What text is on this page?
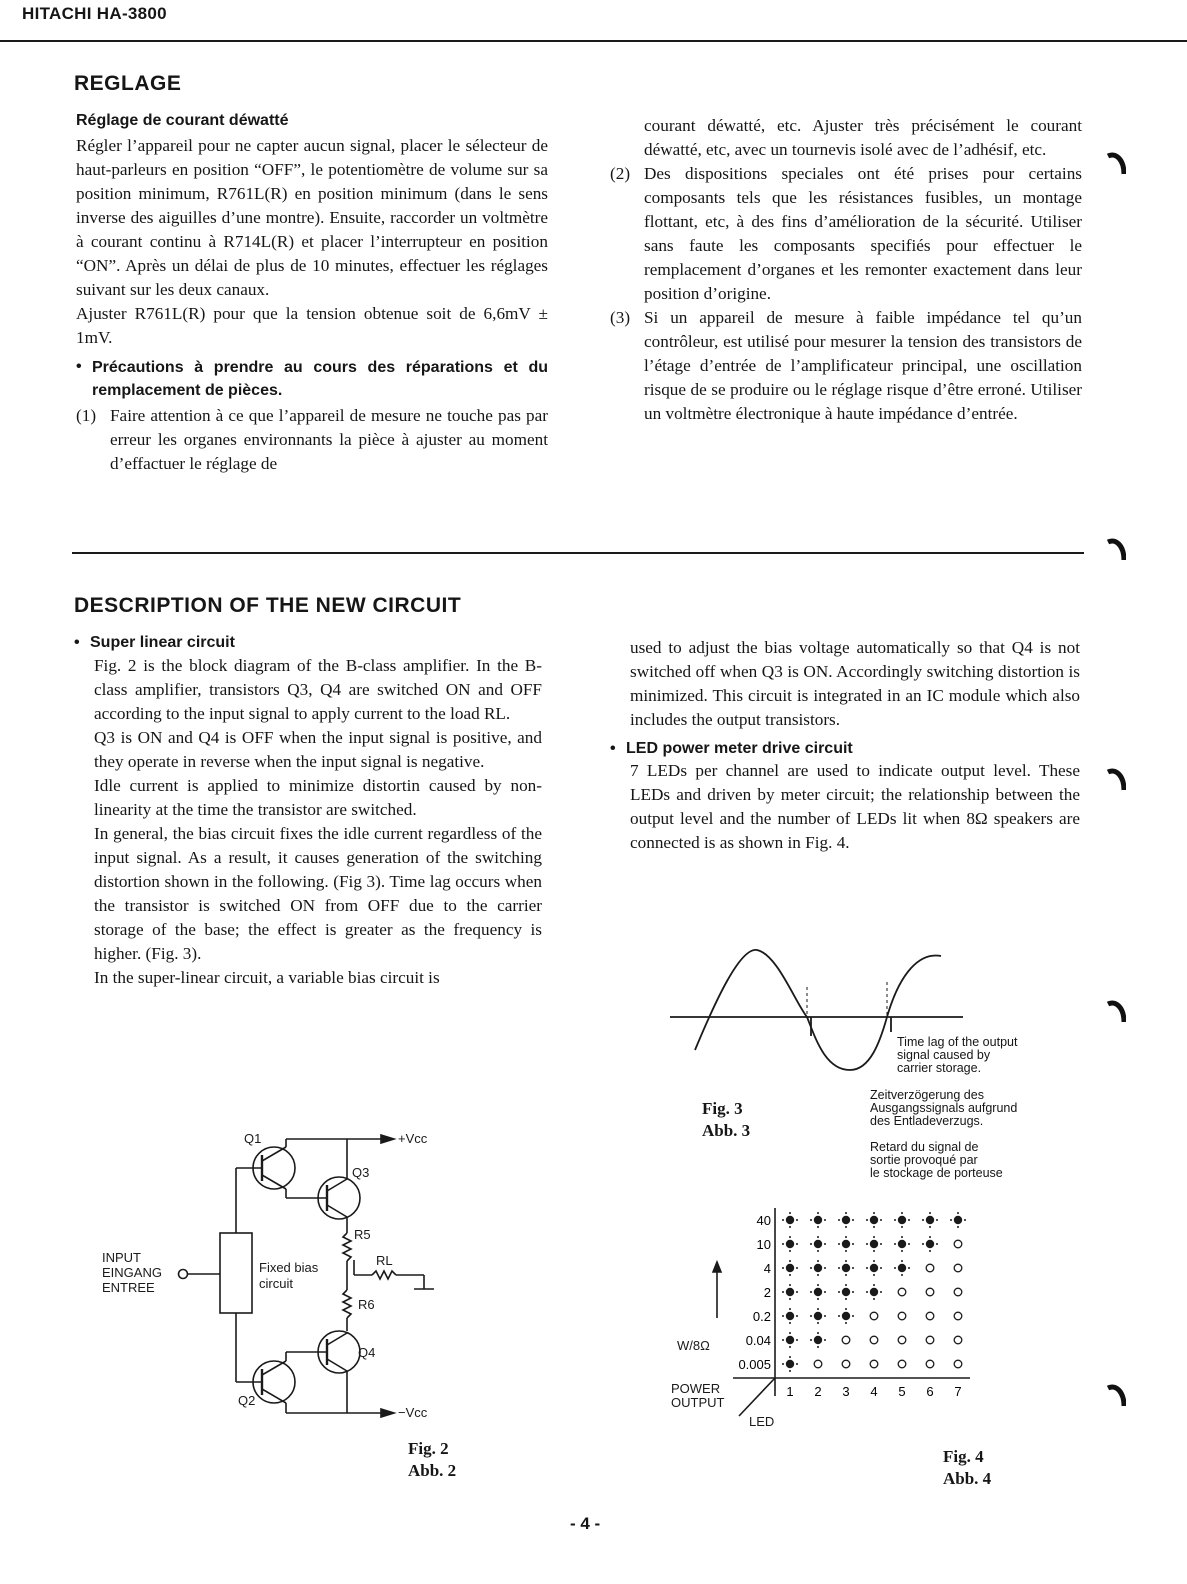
HITACHI HA-3800
REGLAGE

Réglage de courant déwatté

Régler l’appareil pour ne capter aucun signal, placer le sélecteur de haut-parleurs en position “OFF”, le potentiomètre de volume sur sa position minimum, R761L(R) en position minimum (dans le sens inverse des aiguilles d’une montre). Ensuite, raccorder un voltmètre à courant continu à R714L(R) et placer l’interrupteur en position “ON”. Après un délai de plus de 10 minutes, effectuer les réglages suivant sur les deux canaux.

Ajuster R761L(R) pour que la tension obtenue soit de 6,6mV ± 1mV.

• Précautions à prendre au cours des réparations et du remplacement de pièces.

(1) Faire attention à ce que l’appareil de mesure ne touche pas par erreur les organes environnants la pièce à ajuster au moment d’effactuer le réglage de
courant déwatté, etc. Ajuster très précisément le courant déwatté, etc, avec un tournevis isolé avec de l’adhésif, etc.
(2) Des dispositions speciales ont été prises pour certains composants tels que les résistances fusibles, un montage flottant, etc, à des fins d’amélioration de la sécurité. Utiliser sans faute les composants specifiés pour effectuer le remplacement d’organes et les remonter exactement dans leur position d’origine.
(3) Si un appareil de mesure à faible impédance tel qu’un contrôleur, est utilisé pour mesurer la tension des transistors de l’étage d’entrée de l’amplificateur principal, une oscillation risque de se produire ou le réglage risque d’être erroné. Utiliser un voltmètre électronique à haute impédance d’entrée.
DESCRIPTION OF THE NEW CIRCUIT
• Super linear circuit

Fig. 2 is the block diagram of the B-class amplifier. In the B-class amplifier, transistors Q3, Q4 are switched ON and OFF according to the input signal to apply current to the load RL.

Q3 is ON and Q4 is OFF when the input signal is positive, and they operate in reverse when the input signal is negative.

Idle current is applied to minimize distortin caused by non-linearity at the time the transistor are switched.

In general, the bias circuit fixes the idle current regardless of the input signal. As a result, it causes generation of the switching distortion shown in the following. (Fig 3). Time lag occurs when the transistor is switched ON from OFF due to the carrier storage of the base; the effect is greater as the frequency is higher. (Fig. 3).

In the super-linear circuit, a variable bias circuit is

used to adjust the bias voltage automatically so that Q4 is not switched off when Q3 is ON. Accordingly switching distortion is minimized. This circuit is integrated in an IC module which also includes the output transistors.

• LED power meter drive circuit

7 LEDs per channel are used to indicate output level. These LEDs and driven by meter circuit; the relationship between the output level and the number of LEDs lit when 8Ω speakers are connected is as shown in Fig. 4.

Q1
Q3
Q4
Q2
+Vcc
−Vcc
R5
R6
RL
INPUT
EINGANG
ENTREE
Fixed bias
circuit
Fig. 2
Abb. 2
Time lag of the output
signal caused by
carrier storage.
Zeitverzögerung des
Ausgangssignals aufgrund
des Entladeverzugs.
Retard du signal de
sortie provoqué par
le stockage de porteuse
Fig. 3
Abb. 3
W/8Ω
POWER
OUTPUT
LED
40
10
4
2
0.2
0.04
0.005
1 2 3 4 5 6 7
Fig. 4
Abb. 4
- 4 -
